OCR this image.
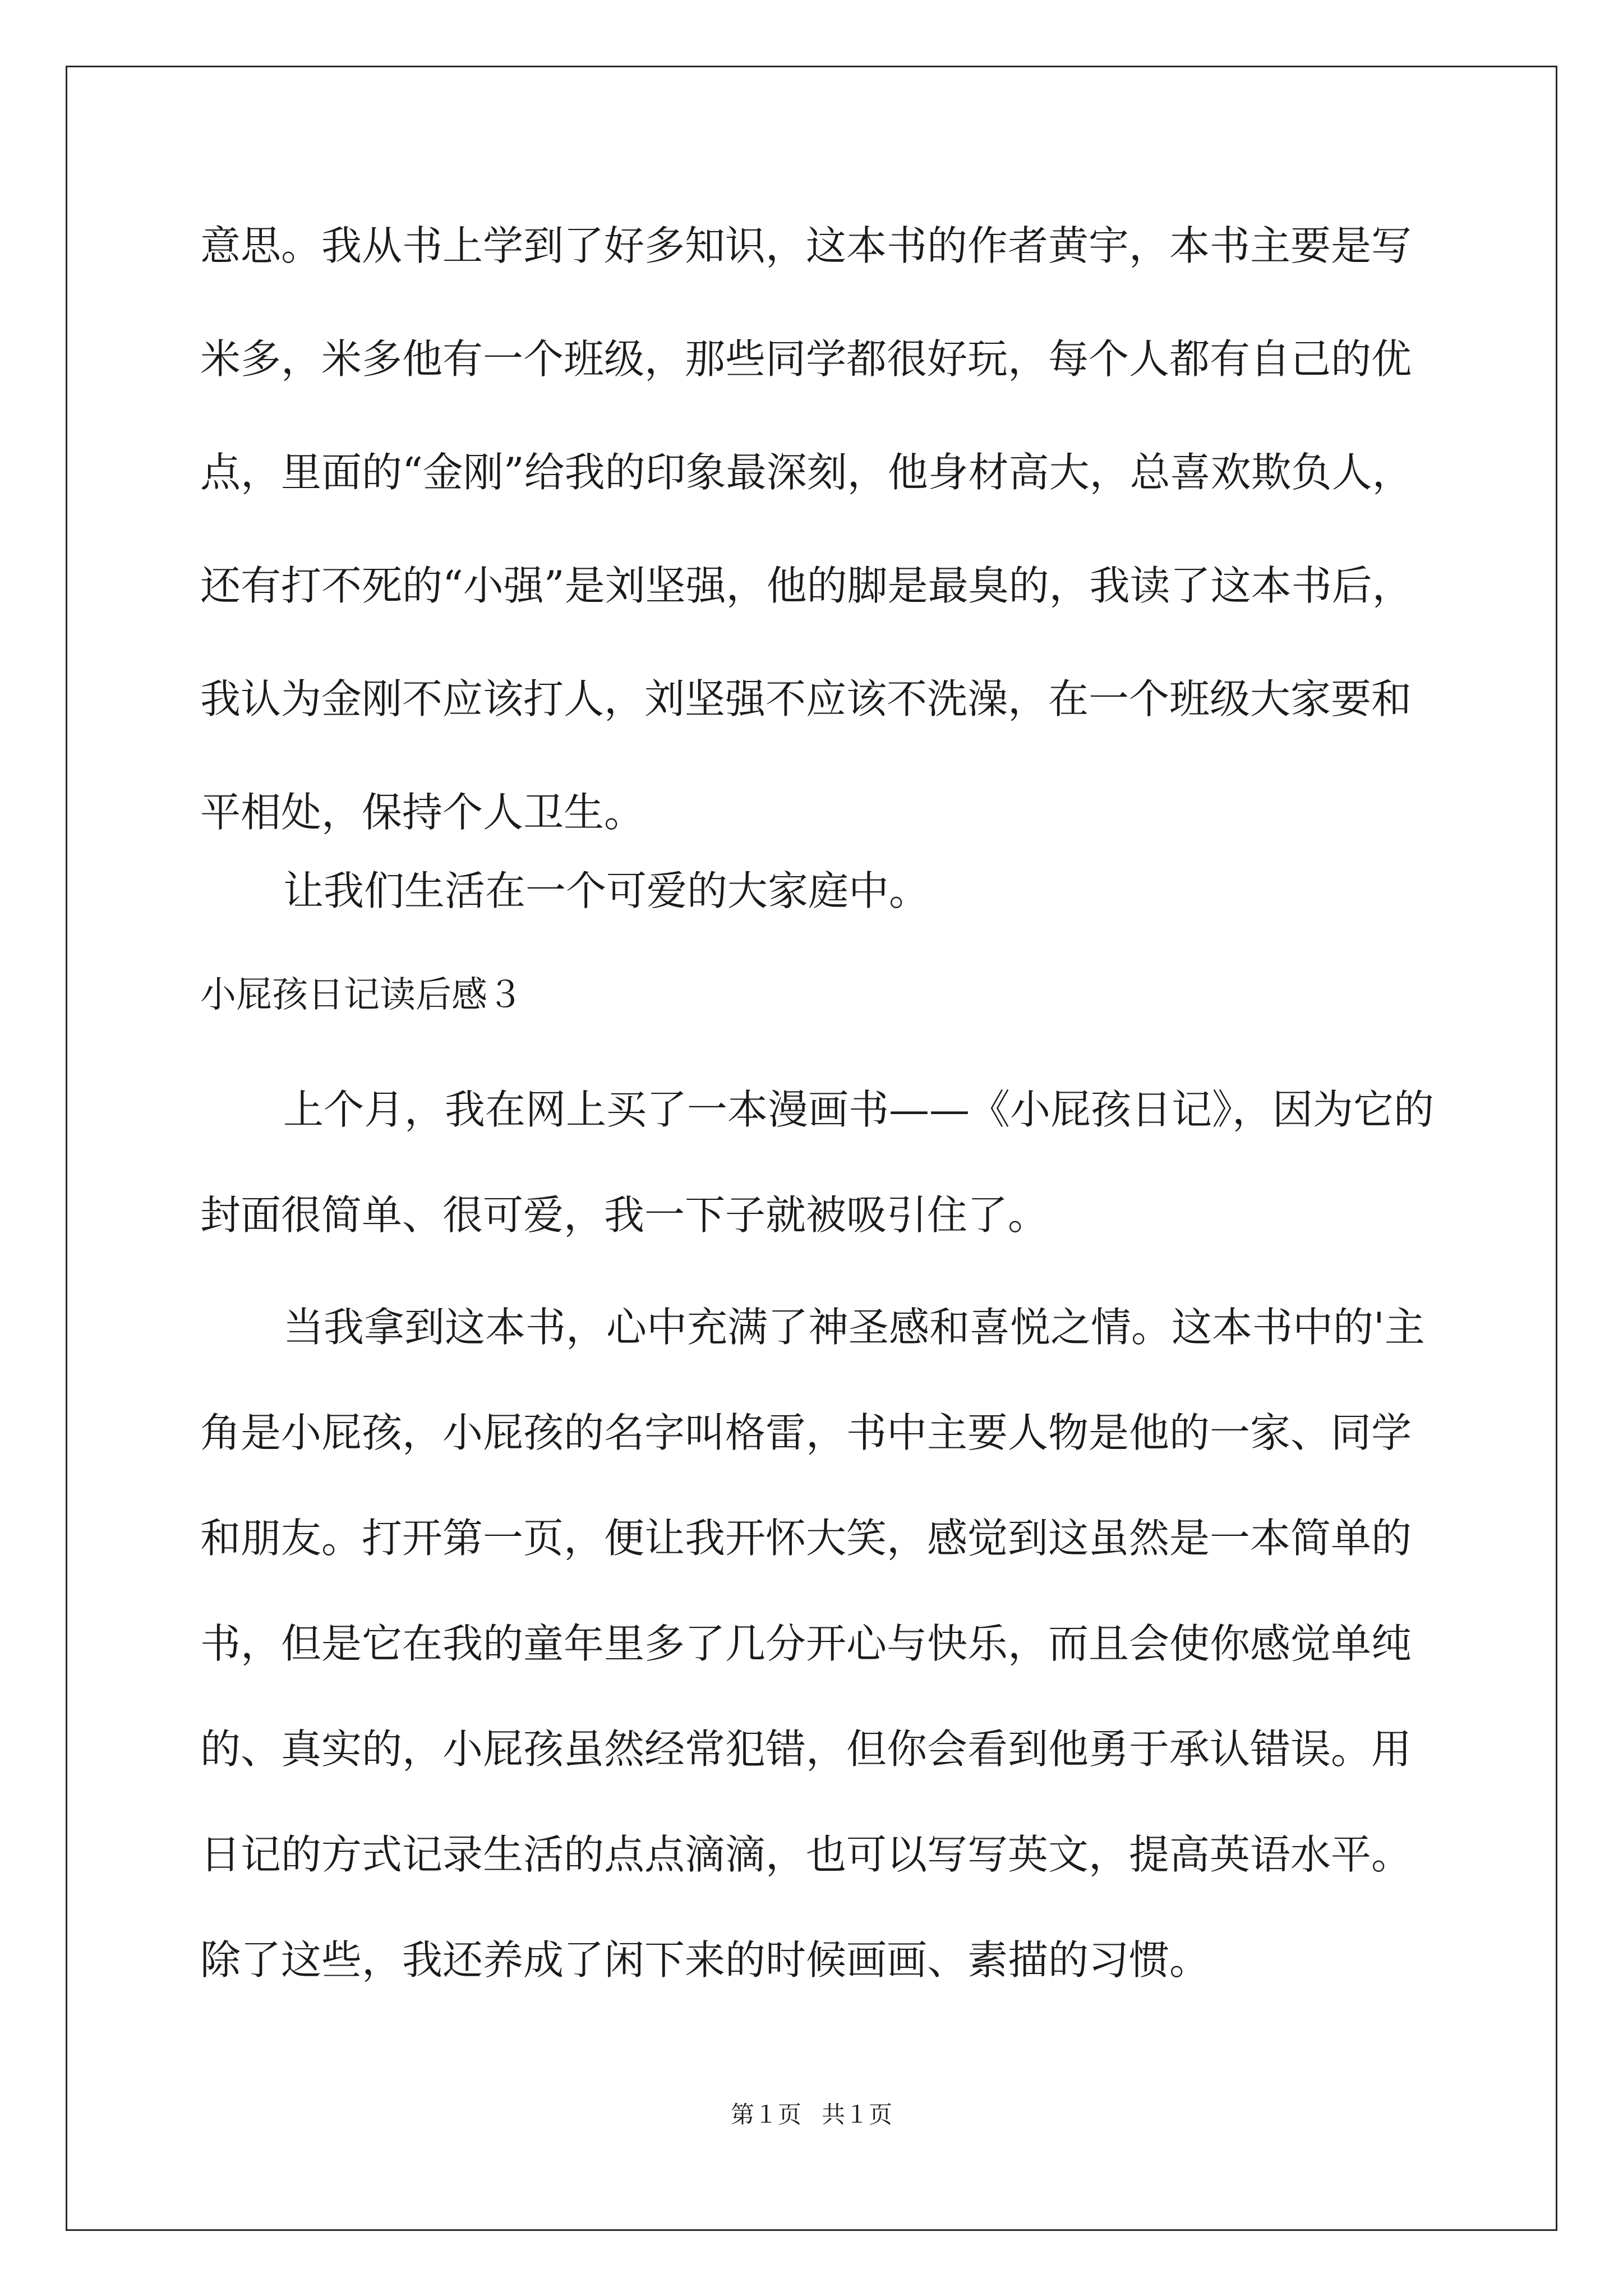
意思。我从书上学到了好多知识，这本书的作者黄宇，本书主要是写
米多，米多他有一个班级，那些同学都很好玩，每个人都有自己的优
点，里面的“金刚”给我的印象最深刻，他身材高大，总喜欢欺负人，
还有打不死的“小强”是刘坚强，他的脚是最臭的，我读了这本书后，
我认为金刚不应该打人，刘坚强不应该不洗澡，在一个班级大家要和
平相处，保持个人卫生。
让我们生活在一个可爱的大家庭中。
小屁孩日记读后感３
上个月，我在网上买了一本漫画书——《小屁孩日记》，因为它的
封面很简单、很可爱，我一下子就被吸引住了。
当我拿到这本书，心中充满了神圣感和喜悦之情。这本书中的'主
角是小屁孩，小屁孩的名字叫格雷，书中主要人物是他的一家、同学
和朋友。打开第一页，便让我开怀大笑，感觉到这虽然是一本简单的
书，但是它在我的童年里多了几分开心与快乐，而且会使你感觉单纯
的、真实的，小屁孩虽然经常犯错，但你会看到他勇于承认错误。用
日记的方式记录生活的点点滴滴，也可以写写英文，提高英语水平。
除了这些，我还养成了闲下来的时候画画、素描的习惯。
第１页 共１页
